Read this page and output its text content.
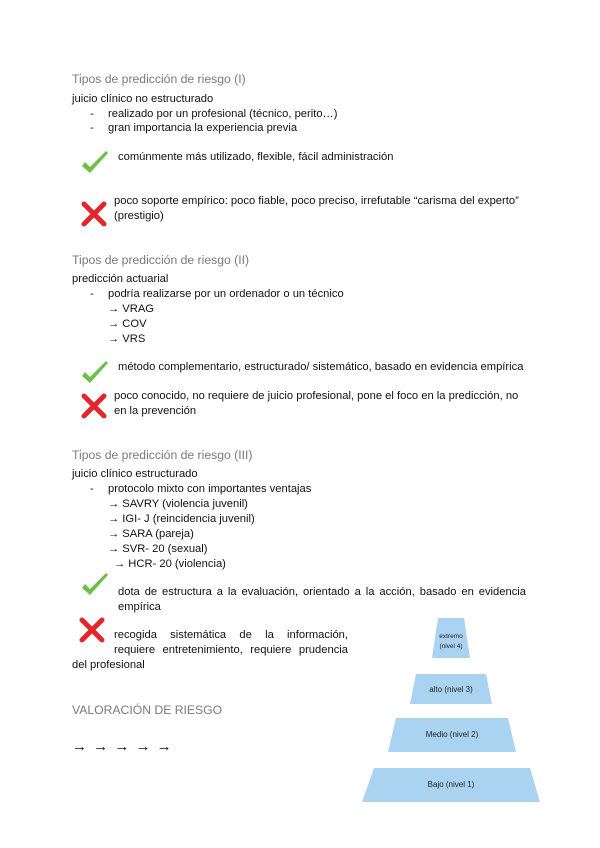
Tipos de predicción de riesgo (I)
juicio clínico no estructurado
- realizado por un profesional (técnico, perito…)
- gran importancia la experiencia previa
comúnmente más utilizado, flexible, fácil administración
poco soporte empírico: poco fiable, poco preciso, irrefutable “carisma del experto”
(prestigio)
Tipos de predicción de riesgo (II)
predicción actuarial
- podría realizarse por un ordenador o un técnico
→ VRAG
→ COV
→ VRS
método complementario, estructurado/ sistemático, basado en evidencia empírica
poco conocido, no requiere de juicio profesional, pone el foco en la predicción, no
en la prevención
Tipos de predicción de riesgo (III)
juicio clínico estructurado
- protocolo mixto con importantes ventajas
→ SAVRY (violencia juvenil)
→ IGI- J (reincidencia juvenil)
→ SARA (pareja)
→ SVR- 20 (sexual)
→ HCR- 20 (violencia)
dota de estructura a la evaluación, orientado a la acción, basado en evidencia
empírica
recogida sistemática de la información,
requiere entretenimiento, requiere prudencia
del profesional
VALORACIÓN DE RIESGO
→ → → → →
extremo
(nivel 4)
alto (nivel 3)
Medio (nivel 2)
Bajo (nivel 1)
